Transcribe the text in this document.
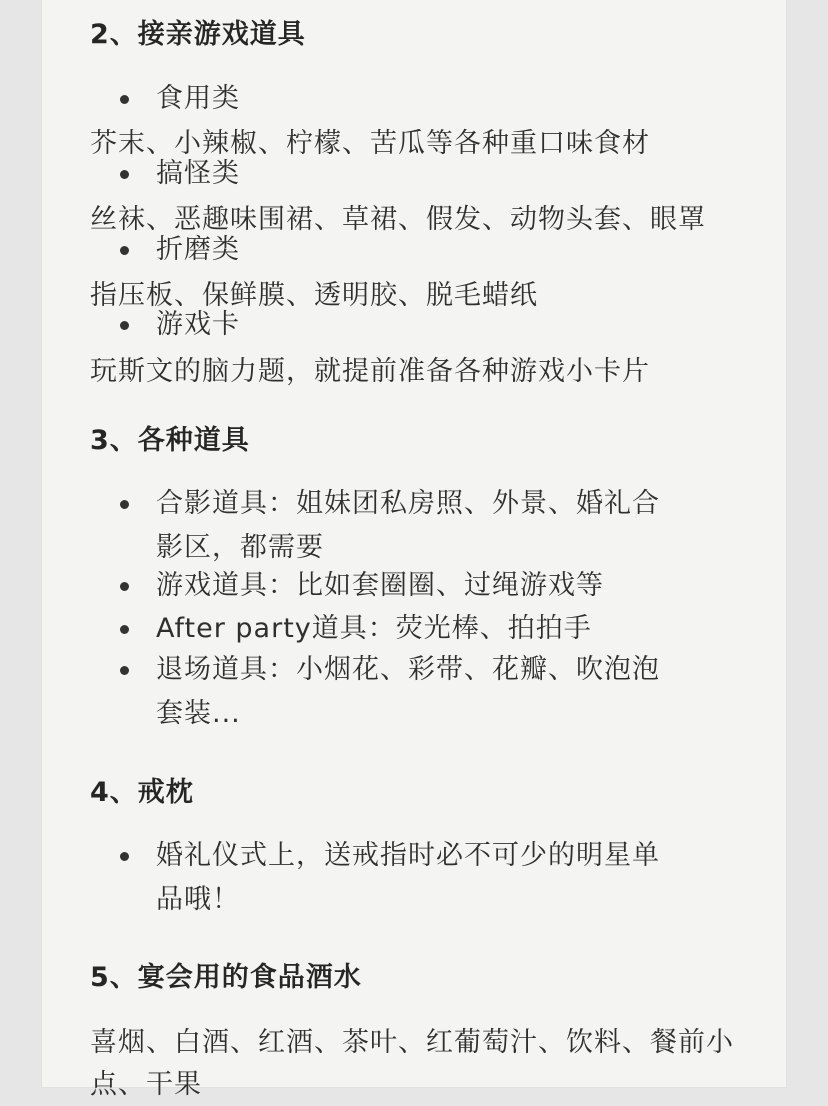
2、接亲游戏道具
食用类
芥末、小辣椒、柠檬、苦瓜等各种重口味食材
搞怪类
丝袜、恶趣味围裙、草裙、假发、动物头套、眼罩
折磨类
指压板、保鲜膜、透明胶、脱毛蜡纸
游戏卡
玩斯文的脑力题，就提前准备各种游戏小卡片
3、各种道具
合影道具：姐妹团私房照、外景、婚礼合影区，都需要
游戏道具：比如套圈圈、过绳游戏等
After party道具：荧光棒、拍拍手
退场道具：小烟花、彩带、花瓣、吹泡泡套装...
4、戒枕
婚礼仪式上，送戒指时必不可少的明星单品哦！
5、宴会用的食品酒水
喜烟、白酒、红酒、茶叶、红葡萄汁、饮料、餐前小点、干果
